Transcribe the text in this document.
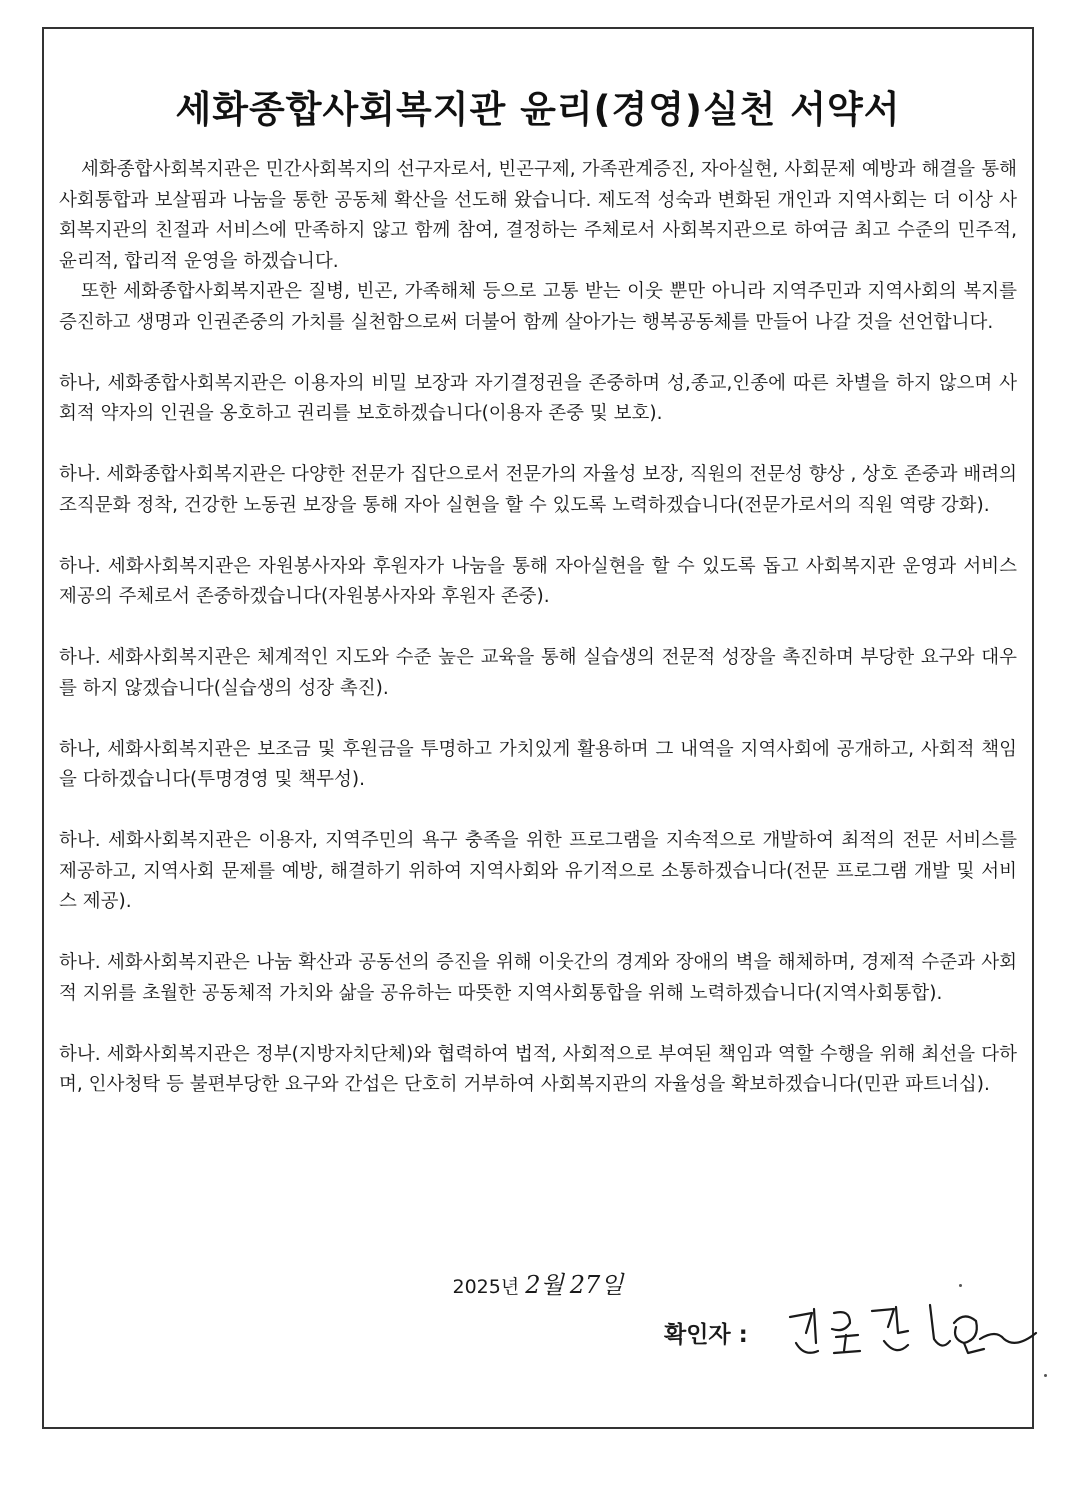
세화종합사회복지관 윤리(경영)실천 서약서

세화종합사회복지관은 민간사회복지의 선구자로서, 빈곤구제, 가족관계증진, 자아실현, 사회문제 예방과 해결을 통해 사회통합과 보살핌과 나눔을 통한 공동체 확산을 선도해 왔습니다. 제도적 성숙과 변화된 개인과 지역사회는 더 이상 사회복지관의 친절과 서비스에 만족하지 않고 함께 참여, 결정하는 주체로서 사회복지관으로 하여금 최고 수준의 민주적, 윤리적, 합리적 운영을 하겠습니다.

또한 세화종합사회복지관은 질병, 빈곤, 가족해체 등으로 고통 받는 이웃 뿐만 아니라 지역주민과 지역사회의 복지를 증진하고 생명과 인권존중의 가치를 실천함으로써 더불어 함께 살아가는 행복공동체를 만들어 나갈 것을 선언합니다.

하나, 세화종합사회복지관은 이용자의 비밀 보장과 자기결정권을 존중하며 성,종교,인종에 따른 차별을 하지 않으며 사회적 약자의 인권을 옹호하고 권리를 보호하겠습니다(이용자 존중 및 보호).

하나. 세화종합사회복지관은 다양한 전문가 집단으로서 전문가의 자율성 보장, 직원의 전문성 향상 , 상호 존중과 배려의 조직문화 정착, 건강한 노동권 보장을 통해 자아 실현을 할 수 있도록 노력하겠습니다(전문가로서의 직원 역량 강화).

하나. 세화사회복지관은 자원봉사자와 후원자가 나눔을 통해 자아실현을 할 수 있도록 돕고 사회복지관 운영과 서비스 제공의 주체로서 존중하겠습니다(자원봉사자와 후원자 존중).

하나. 세화사회복지관은 체계적인 지도와 수준 높은 교육을 통해 실습생의 전문적 성장을 촉진하며 부당한 요구와 대우를 하지 않겠습니다(실습생의 성장 촉진).

하나, 세화사회복지관은 보조금 및 후원금을 투명하고 가치있게 활용하며 그 내역을 지역사회에 공개하고, 사회적 책임을 다하겠습니다(투명경영 및 책무성).

하나. 세화사회복지관은 이용자, 지역주민의 욕구 충족을 위한 프로그램을 지속적으로 개발하여 최적의 전문 서비스를 제공하고, 지역사회 문제를 예방, 해결하기 위하여 지역사회와 유기적으로 소통하겠습니다(전문 프로그램 개발 및 서비스 제공).

하나. 세화사회복지관은 나눔 확산과 공동선의 증진을 위해 이웃간의 경계와 장애의 벽을 해체하며, 경제적 수준과 사회적 지위를 초월한 공동체적 가치와 삶을 공유하는 따뜻한 지역사회통합을 위해 노력하겠습니다(지역사회통합).

하나. 세화사회복지관은 정부(지방자치단체)와 협력하여 법적, 사회적으로 부여된 책임과 역할 수행을 위해 최선을 다하며, 인사청탁 등 불편부당한 요구와 간섭은 단호히 거부하여 사회복지관의 자율성을 확보하겠습니다(민관 파트너십).

2025년 2월 27일
확인자 :
